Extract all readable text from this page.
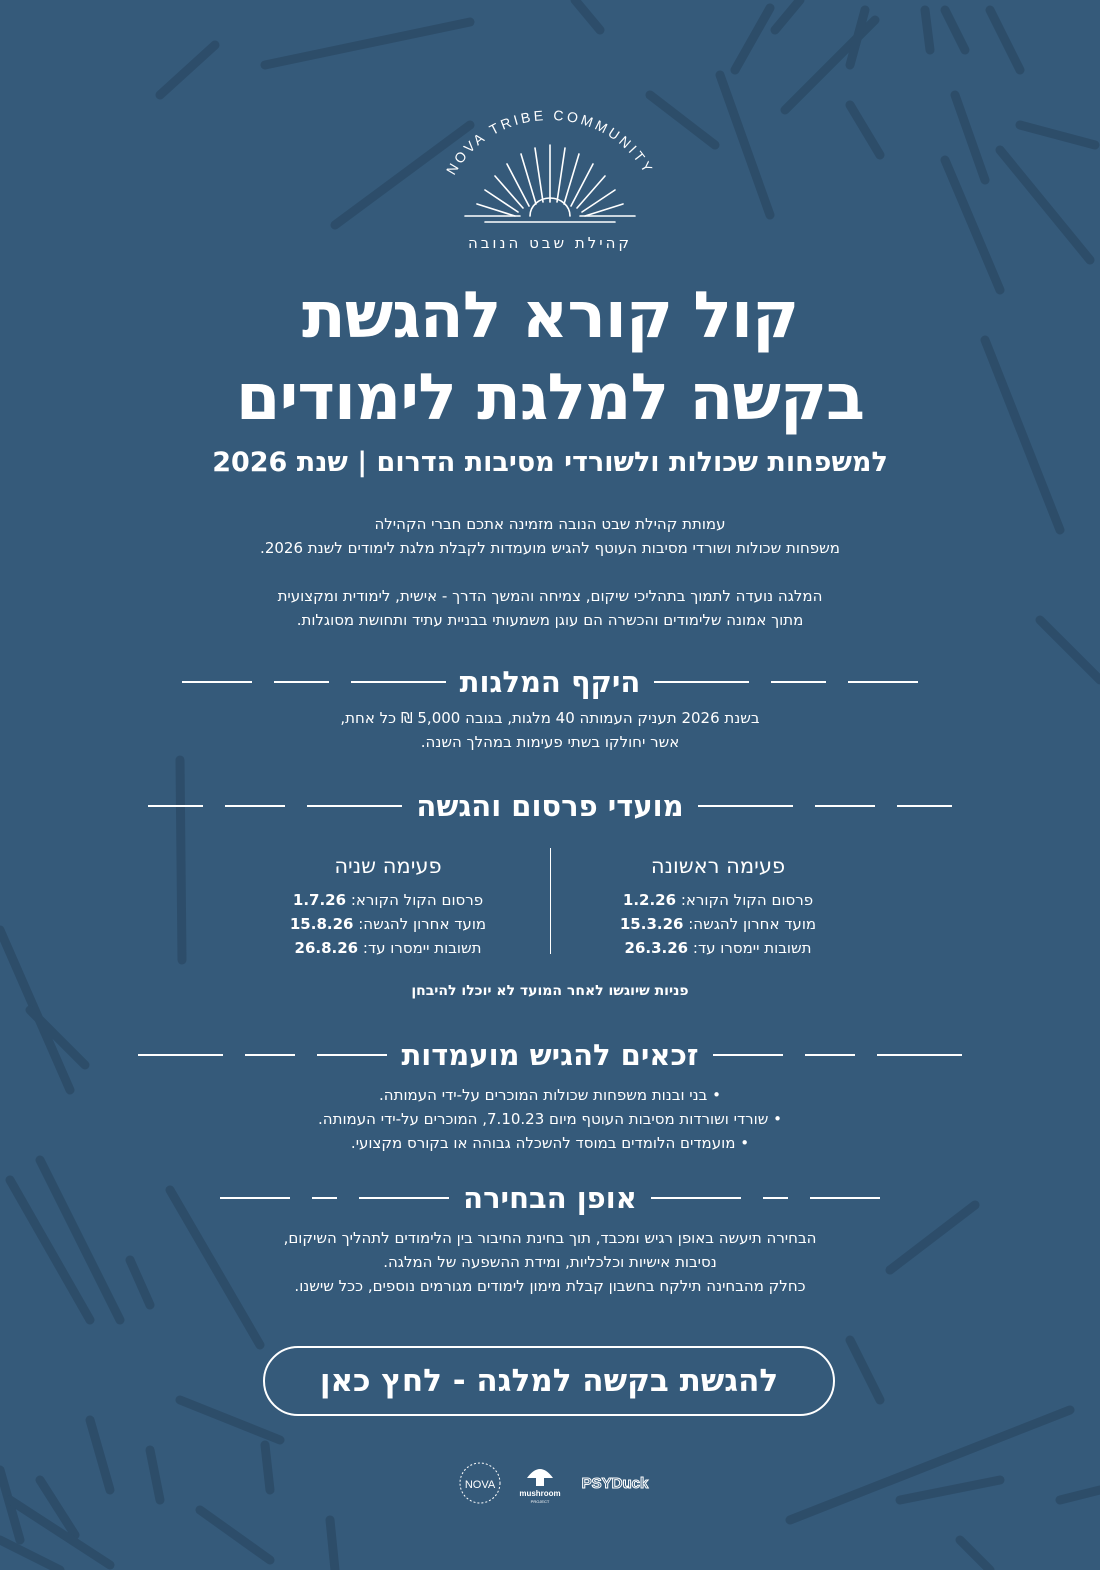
NOVA TRIBE COMMUNITY
קהילת שבט הנובה
קול קורא להגשת
בקשה למלגת לימודים
למשפחות שכולות ולשורדי מסיבות הדרום | שנת 2026

עמותת קהילת שבט הנובה מזמינה אתכם חברי הקהילה

משפחות שכולות ושורדי מסיבות העוטף להגיש מועמדות לקבלת מלגת לימודים לשנת 2026.

המלגה נועדה לתמוך בתהליכי שיקום, צמיחה והמשך הדרך - אישית, לימודית ומקצועית

מתוך אמונה שלימודים והכשרה הם עוגן משמעותי בבניית עתיד ותחושת מסוגלות.

היקף המלגות

בשנת 2026 תעניק העמותה 40 מלגות, בגובה 5,000 ₪ כל אחת,

אשר יחולקו בשתי פעימות במהלך השנה.

מועדי פרסום והגשה
פעימה ראשונה
פרסום הקול הקורא: 1.2.26
מועד אחרון להגשה: 15.3.26
תשובות יימסרו עד: 26.3.26
פעימה שניה
פרסום הקול הקורא: 1.7.26
מועד אחרון להגשה: 15.8.26
תשובות יימסרו עד: 26.8.26
פניות שיוגשו לאחר המועד לא יוכלו להיבחן
זכאים להגיש מועמדות

• בני ובנות משפחות שכולות המוכרים על-ידי העמותה.

• שורדי ושורדות מסיבות העוטף מיום 7.10.23, המוכרים על-ידי העמותה.

• מועמדים הלומדים במוסד להשכלה גבוהה או בקורס מקצועי.

אופן הבחירה

הבחירה תיעשה באופן רגיש ומכבד, תוך בחינת החיבור בין הלימודים לתהליך השיקום,

נסיבות אישיות וכלכליות, ומידת ההשפעה של המלגה.

כחלק מהבחינה תילקח בחשבון קבלת מימון לימודים מגורמים נוספים, ככל שישנו.

להגשת בקשה למלגה - לחץ כאן
NOVA
mushroom
PROJECT
PSYDuck
